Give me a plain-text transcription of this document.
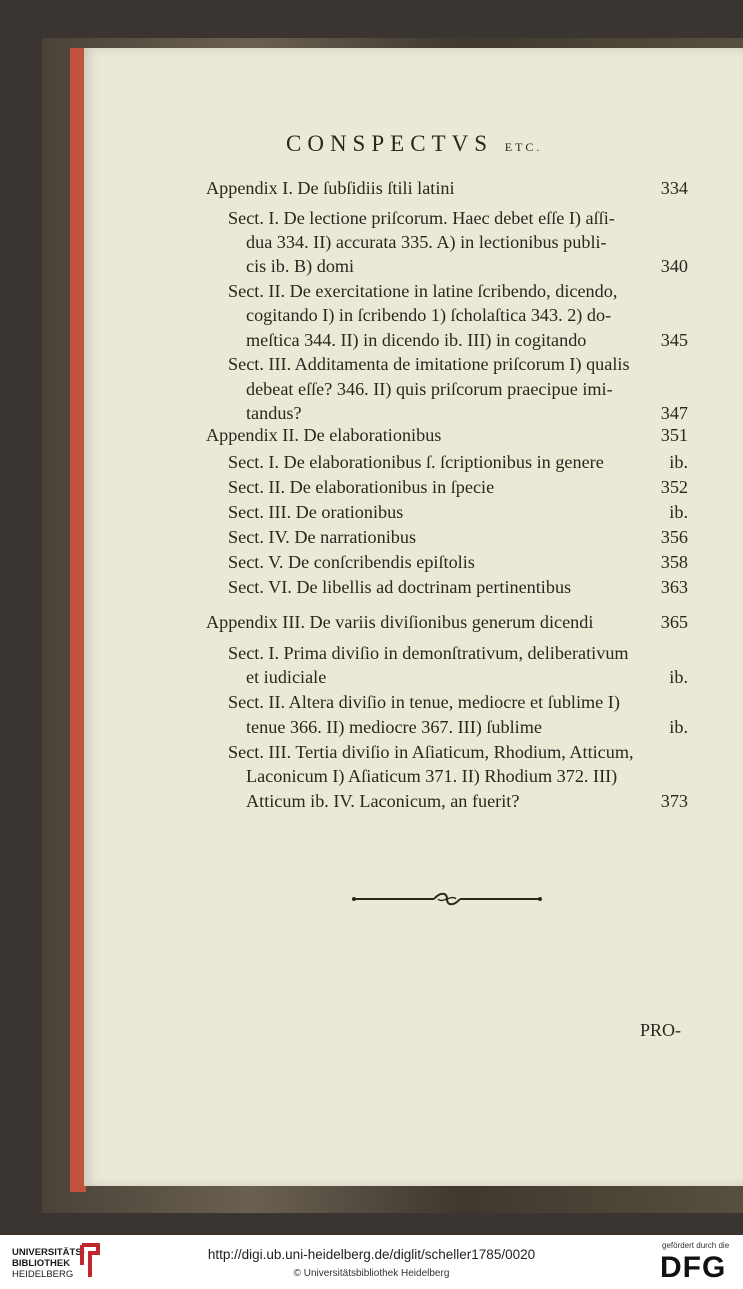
CONSPECTVS ETC.
Appendix I. De ſubſidiis ſtili latini	334
Sect. I. De lectione priſcorum. Haec debet eſſe I) aſſi-
dua 334. II) accurata 335. A) in lectionibus publi-
cis ib. B) domi	340
Sect. II. De exercitatione in latine ſcribendo, dicendo,
cogitando I) in ſcribendo 1) ſcholaſtica 343. 2) do-
meſtica 344. II) in dicendo ib. III) in cogitando	345
Sect. III. Additamenta de imitatione priſcorum I) qualis
debeat eſſe? 346. II) quis priſcorum praecipue imi-
tandus?	347
Appendix II. De elaborationibus	351
Sect. I. De elaborationibus ſ. ſcriptionibus in genere	ib.
Sect. II. De elaborationibus in ſpecie	352
Sect. III. De orationibus	ib.
Sect. IV. De narrationibus	356
Sect. V. De conſcribendis epiſtolis	358
Sect. VI. De libellis ad doctrinam pertinentibus	363
Appendix III. De variis diviſionibus generum dicendi	365
Sect. I. Prima diviſio in demonſtrativum, deliberativum
et iudiciale	ib.
Sect. II. Altera diviſio in tenue, mediocre et ſublime I)
tenue 366. II) mediocre 367. III) ſublime	ib.
Sect. III. Tertia diviſio in Aſiaticum, Rhodium, Atticum,
Laconicum I) Aſiaticum 371. II) Rhodium 372. III)
Atticum ib. IV. Laconicum, an fuerit?	373
PRO-
UNIVERSITÄTS-
BIBLIOTHEK
HEIDELBERG
http://digi.ub.uni-heidelberg.de/diglit/scheller1785/0020
© Universitätsbibliothek Heidelberg
gefördert durch die
DFG
